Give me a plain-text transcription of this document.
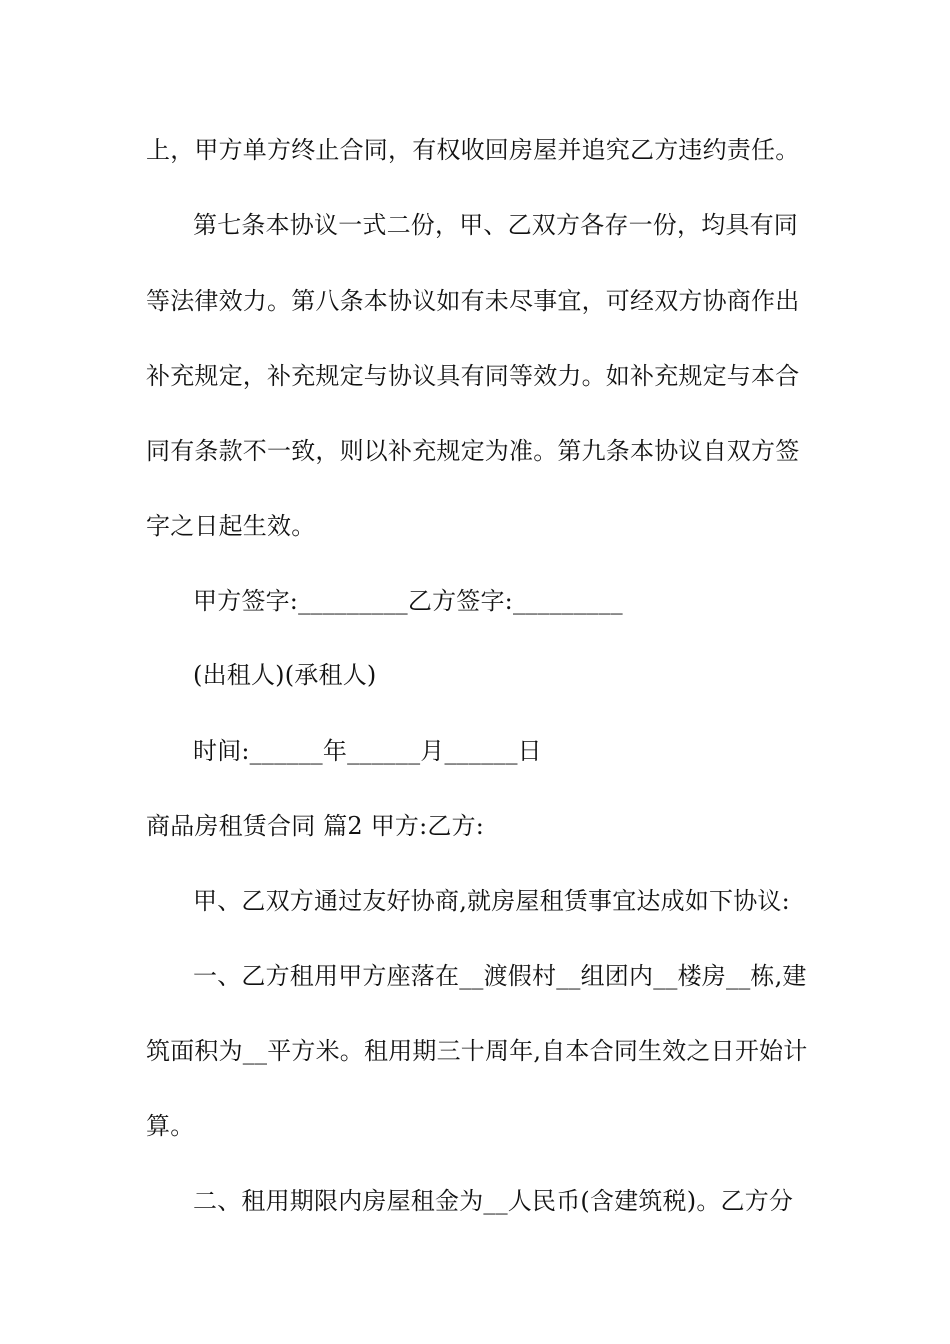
上，甲方单方终止合同，有权收回房屋并追究乙方违约责任。
第七条本协议一式二份，甲、乙双方各存一份，均具有同
等法律效力。第八条本协议如有未尽事宜，可经双方协商作出
补充规定，补充规定与协议具有同等效力。如补充规定与本合
同有条款不一致，则以补充规定为准。第九条本协议自双方签
字之日起生效。
甲方签字:_________乙方签字:_________
(出租人)(承租人)
时间:______年______月______日
商品房租赁合同 篇2 甲方:乙方:
甲、乙双方通过友好协商,就房屋租赁事宜达成如下协议:
一、乙方租用甲方座落在__渡假村__组团内__楼房__栋,建
筑面积为__平方米。租用期三十周年,自本合同生效之日开始计
算。
二、租用期限内房屋租金为__人民币(含建筑税)。乙方分
